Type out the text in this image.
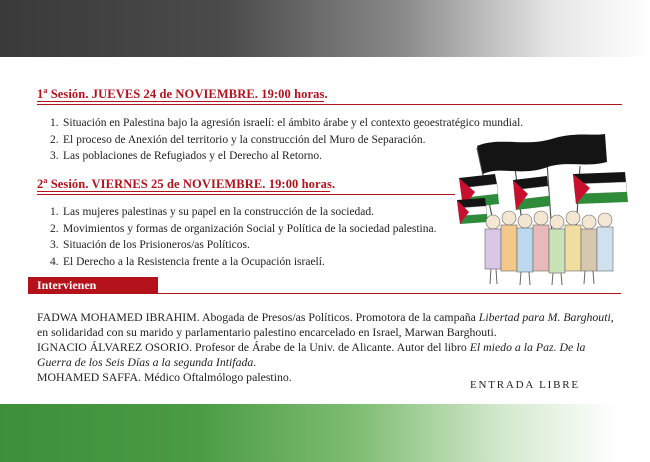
1$^a$ Sesión. JUEVES 24 de NOVIEMBRE. 19:00 horas.
1. Situación en Palestina bajo la agresión israelí: el ámbito árabe y el contexto geoestratégico mundial.
2. El proceso de Anexión del territorio y la construcción del Muro de Separación.
3. Las poblaciones de Refugiados y el Derecho al Retorno.
2$^a$ Sesión. VIERNES 25 de NOVIEMBRE. 19:00 horas.
1. Las mujeres palestinas y su papel en la construcción de la sociedad.
2. Movimientos y formas de organización Social y Política de la sociedad palestina.
3. Situación de los Prisioneros/as Políticos.
4. El Derecho a la Resistencia frente a la Ocupación israelí.
Intervienen

FADWA MOHAMED IBRAHIM. Abogada de Presos/as Políticos. Promotora de la campaña Libertad para M. Barghouti, en solidaridad con su marido y parlamentario palestino encarcelado en Israel, Marwan Barghouti.

IGNACIO ÁLVAREZ OSORIO. Profesor de Árabe de la Univ. de Alicante. Autor del libro El miedo a la Paz. De la Guerra de los Seis Días a la segunda Intifada.

MOHAMED SAFFA. Médico Oftalmólogo palestino.

ENTRADA LIBRE
